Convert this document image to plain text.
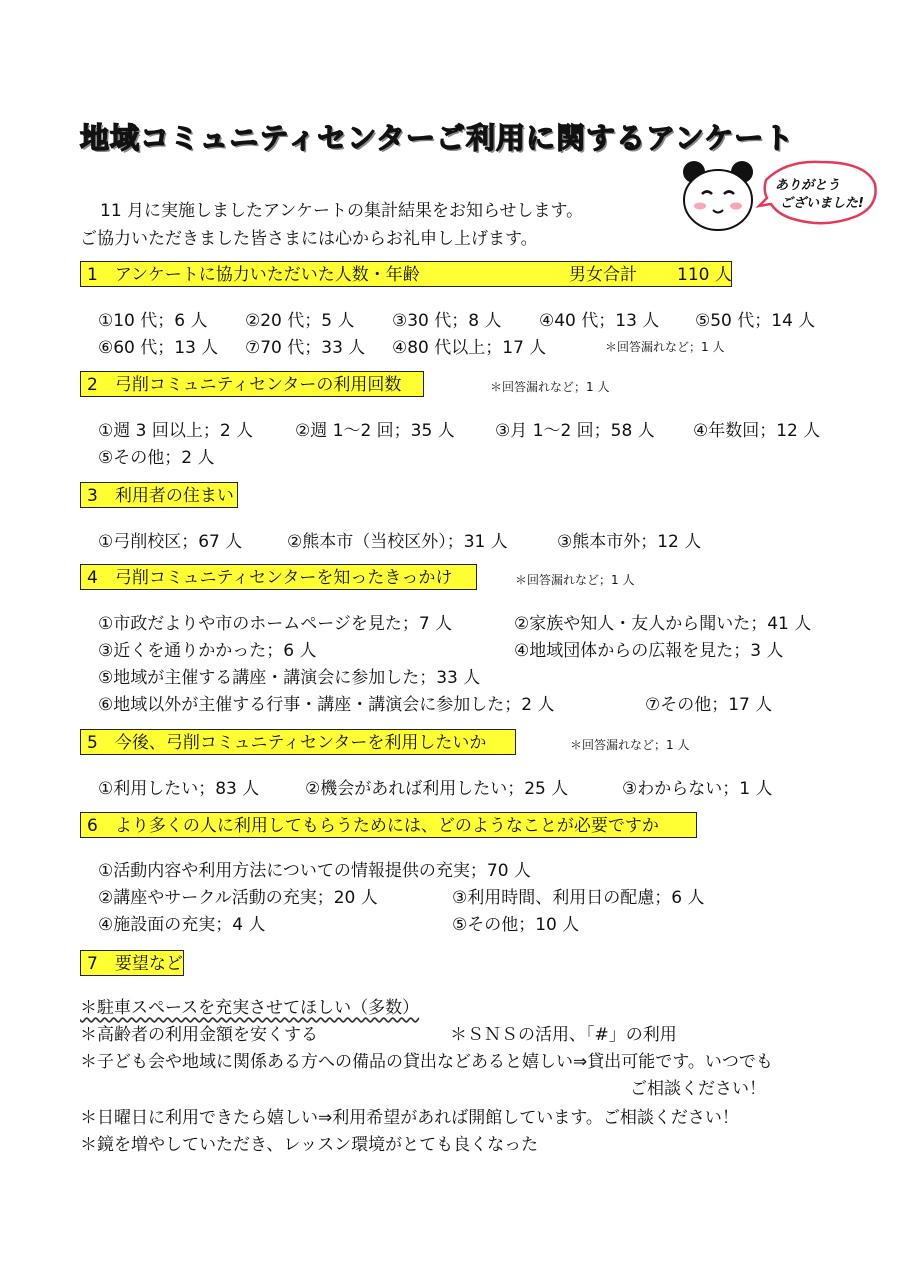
地域コミュニティセンターご利用に関するアンケート
11 月に実施しましたアンケートの集計結果をお知らせします。
ご協力いただきました皆さまには心からお礼申し上げます。
ありがとう
ございました!
1　アンケートに協力いただいた人数・年齢	男女合計 110 人
①10 代；6 人 ②20 代；5 人 ③30 代；8 人 ④40 代；13 人 ⑤50 代；14 人
⑥60 代；13 人 ⑦70 代；33 人 ④80 代以上；17 人	＊回答漏れなど；1 人
2　弓削コミュニティセンターの利用回数	＊回答漏れなど；1 人
①週 3 回以上；2 人 ②週 1～2 回；35 人 ③月 1～2 回；58 人 ④年数回；12 人
⑤その他；2 人
3　利用者の住まい
①弓削校区；67 人	②熊本市（当校区外）；31 人	③熊本市外；12 人
4　弓削コミュニティセンターを知ったきっかけ	＊回答漏れなど；1 人
①市政だよりや市のホームページを見た；7 人	②家族や知人・友人から聞いた；41 人
③近くを通りかかった；6 人	④地域団体からの広報を見た；3 人
⑤地域が主催する講座・講演会に参加した；33 人
⑥地域以外が主催する行事・講座・講演会に参加した；2 人	⑦その他；17 人
5　今後、弓削コミュニティセンターを利用したいか	＊回答漏れなど；1 人
①利用したい；83 人	②機会があれば利用したい；25 人	③わからない；1 人
6　より多くの人に利用してもらうためには、どのようなことが必要ですか
①活動内容や利用方法についての情報提供の充実；70 人
②講座やサークル活動の充実；20 人	③利用時間、利用日の配慮；6 人
④施設面の充実；4 人	⑤その他；10 人
7　要望など
＊駐車スペースを充実させてほしい（多数）
＊高齢者の利用金額を安くする	＊ＳＮＳの活用、「#」の利用
＊子ども会や地域に関係ある方への備品の貸出などあると嬉しい⇒貸出可能です。いつでも
ご相談ください！
＊日曜日に利用できたら嬉しい⇒利用希望があれば開館しています。ご相談ください！
＊鏡を増やしていただき、レッスン環境がとても良くなった
